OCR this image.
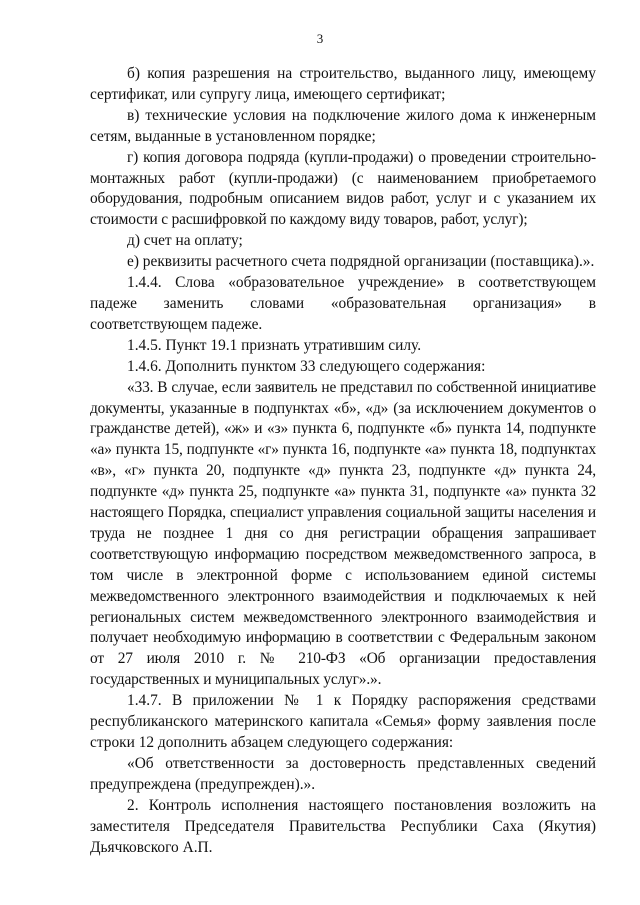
3

б) копия разрешения на строительство, выданного лицу, имеющему сертификат, или супругу лица, имеющего сертификат;

в) технические условия на подключение жилого дома к инженерным сетям, выданные в установленном порядке;

г) копия договора подряда (купли-продажи) о проведении строительно-монтажных работ (купли-продажи) (с наименованием приобретаемого оборудования, подробным описанием видов работ, услуг и с указанием их стоимости с расшифровкой по каждому виду товаров, работ, услуг);

д) счет на оплату;

е) реквизиты расчетного счета подрядной организации (поставщика).».

1.4.4. Слова «образовательное учреждение» в соответствующем падеже заменить словами «образовательная организация» в соответствующем падеже.

1.4.5. Пункт 19.1 признать утратившим силу.

1.4.6. Дополнить пунктом 33 следующего содержания:

«33. В случае, если заявитель не представил по собственной инициативе документы, указанные в подпунктах «б», «д» (за исключением документов о гражданстве детей), «ж» и «з» пункта 6, подпункте «б» пункта 14, подпункте «а» пункта 15, подпункте «г» пункта 16, подпункте «а» пункта 18, подпунктах «в», «г» пункта 20, подпункте «д» пункта 23, подпункте «д» пункта 24, подпункте «д» пункта 25, подпункте «а» пункта 31, подпункте «а» пункта 32 настоящего Порядка, специалист управления социальной защиты населения и труда не позднее 1 дня со дня регистрации обращения запрашивает соответствующую информацию посредством межведомственного запроса, в том числе в электронной форме с использованием единой системы межведомственного электронного взаимодействия и подключаемых к ней региональных систем межведомственного электронного взаимодействия и получает необходимую информацию в соответствии с Федеральным законом от 27 июля 2010 г. № 210-ФЗ «Об организации предоставления государственных и муниципальных услуг».».

1.4.7. В приложении № 1 к Порядку распоряжения средствами республиканского материнского капитала «Семья» форму заявления после строки 12 дополнить абзацем следующего содержания:

«Об ответственности за достоверность представленных сведений предупреждена (предупрежден).».

2. Контроль исполнения настоящего постановления возложить на заместителя Председателя Правительства Республики Саха (Якутия) Дьячковского А.П.
